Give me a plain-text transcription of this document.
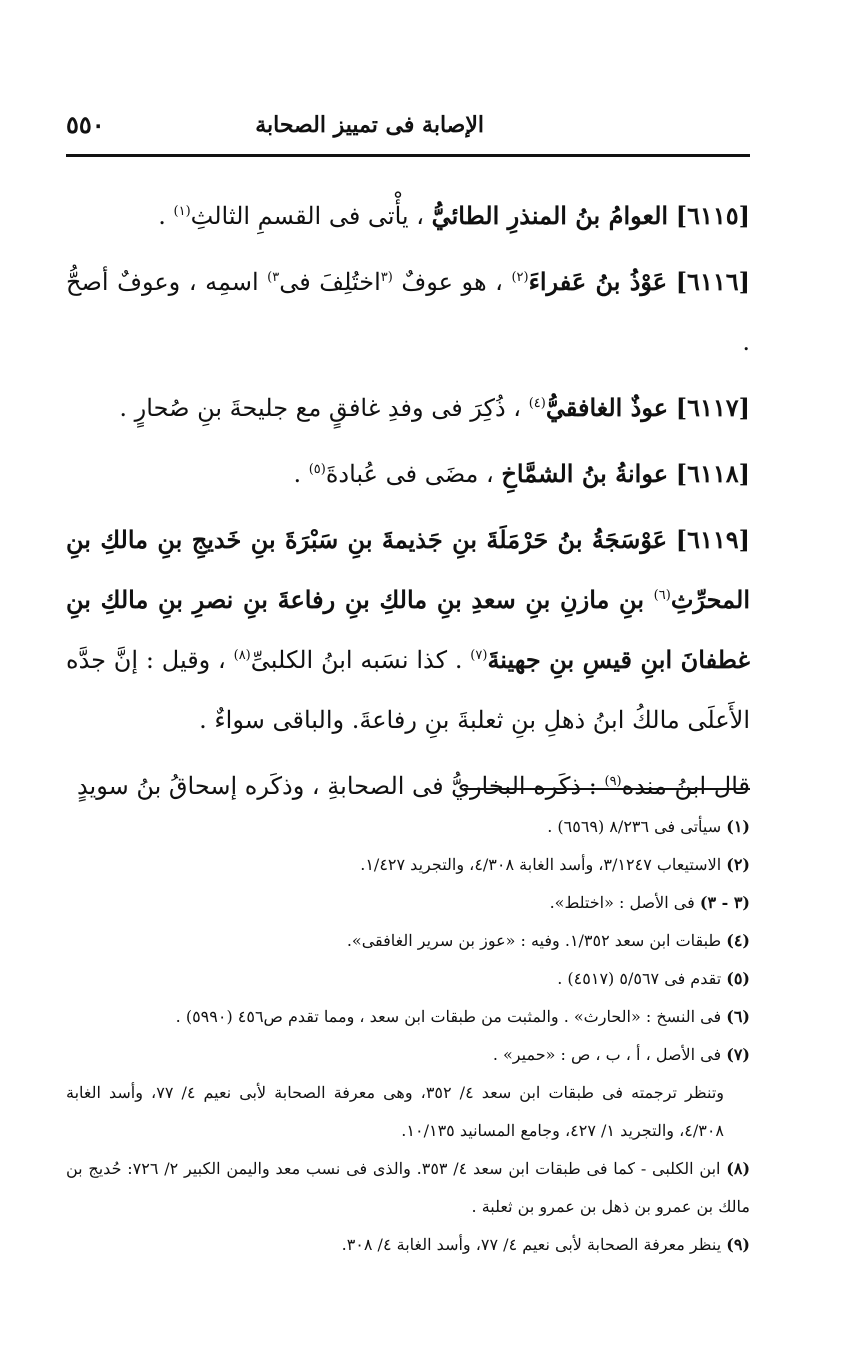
الإصابة فى تمييز الصحابة
٥٥٠

[٦١١٥] العوامُ بنُ المنذرِ الطائيُّ ، يأْتى فى القسمِ الثالثِ$^{(١)}$ .

[٦١١٦] عَوْذُ بنُ عَفراءَ$^{(٢)}$ ، هو عوفٌ $^{(٣}$اختُلِفَ فى$^{٣)}$ اسمِه ، وعوفٌ أصحُّ .

[٦١١٧] عوذٌ الغافقيُّ$^{(٤)}$ ، ذُكِرَ فى وفدِ غافقٍ مع جليحةَ بنِ صُحارٍ .

[٦١١٨] عوانةُ بنُ الشمَّاخِ ، مضَى فى عُبادةَ$^{(٥)}$ .

[٦١١٩] عَوْسَجَةُ بنُ حَرْمَلَةَ بنِ جَذيمةَ بنِ سَبْرَةَ بنِ خَديجِ بنِ مالكِ بنِ المحرِّثِ$^{(٦)}$ بنِ مازنِ بنِ سعدِ بنِ مالكِ بنِ رفاعةَ بنِ نصرِ بنِ مالكِ بنِ غطفانَ ابنِ قيسِ بنِ جهينةَ$^{(٧)}$ . كذا نسَبه ابنُ الكلبىِّ$^{(٨)}$ ، وقيل : إنَّ جدَّه الأَعلَى مالكُ ابنُ ذهلِ بنِ ثعلبةَ بنِ رفاعةَ. والباقى سواءٌ .

قال ابنُ منده$^{(٩)}$ : ذكَره البخاريُّ فى الصحابةِ ، وذكَره إسحاقُ بنُ سويدٍ

(١) سيأتى فى ٨/٢٣٦ (٦٥٦٩) .

(٢) الاستيعاب ٣/١٢٤٧، وأسد الغابة ٤/٣٠٨، والتجريد ١/٤٢٧.

(٣ - ٣) فى الأصل : «اختلط».

(٤) طبقات ابن سعد ١/٣٥٢. وفيه : «عوز بن سرير الغافقى».

(٥) تقدم فى ٥/٥٦٧ (٤٥١٧) .

(٦) فى النسخ : «الحارث» . والمثبت من طبقات ابن سعد ، ومما تقدم ص٤٥٦ (٥٩٩٠) .

(٧) فى الأصل ، أ ، ب ، ص : «حمير» .

وتنظر ترجمته فى طبقات ابن سعد ٤/ ٣٥٢، وهى معرفة الصحابة لأبى نعيم ٤/ ٧٧، وأسد الغابة ٤/٣٠٨، والتجريد ١/ ٤٢٧، وجامع المسانيد ١٠/١٣٥.

(٨) ابن الكلبى - كما فى طبقات ابن سعد ٤/ ٣٥٣. والذى فى نسب معد واليمن الكبير ٢/ ٧٢٦: حُديج بن مالك بن عمرو بن ذهل بن عمرو بن ثعلبة .

(٩) ينظر معرفة الصحابة لأبى نعيم ٤/ ٧٧، وأسد الغابة ٤/ ٣٠٨.
